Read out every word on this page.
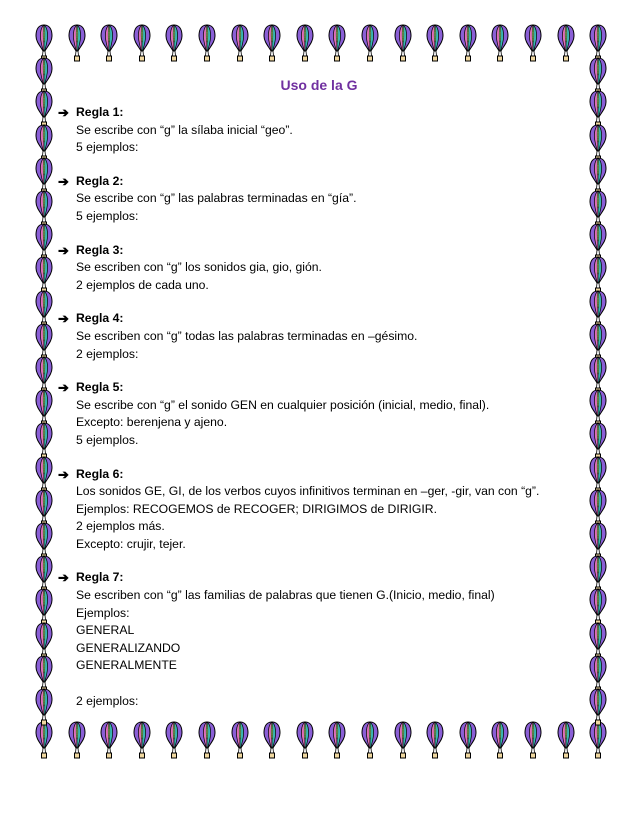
Uso de la G
➔ Regla 1:
Se escribe con “g” la sílaba inicial “geo”.
5 ejemplos:
➔ Regla 2:
Se escribe con “g” las palabras terminadas en “gía”.
5 ejemplos:
➔ Regla 3:
Se escriben con “g” los sonidos gia, gio, gión.
2 ejemplos de cada uno.
➔ Regla 4:
Se escriben con “g” todas las palabras terminadas en –gésimo.
2 ejemplos:
➔ Regla 5:
Se escribe con “g” el sonido GEN en cualquier posición (inicial, medio, final).
Excepto: berenjena y ajeno.
5 ejemplos.
➔ Regla 6:
Los sonidos GE, GI, de los verbos cuyos infinitivos terminan en –ger, -gir, van con “g”.
Ejemplos: RECOGEMOS de RECOGER; DIRIGIMOS de DIRIGIR.
2 ejemplos más.
Excepto: crujir, tejer.
➔ Regla 7:
Se escriben con “g” las familias de palabras que tienen G.(Inicio, medio, final)
Ejemplos:
GENERAL
GENERALIZANDO
GENERALMENTE
2 ejemplos:
